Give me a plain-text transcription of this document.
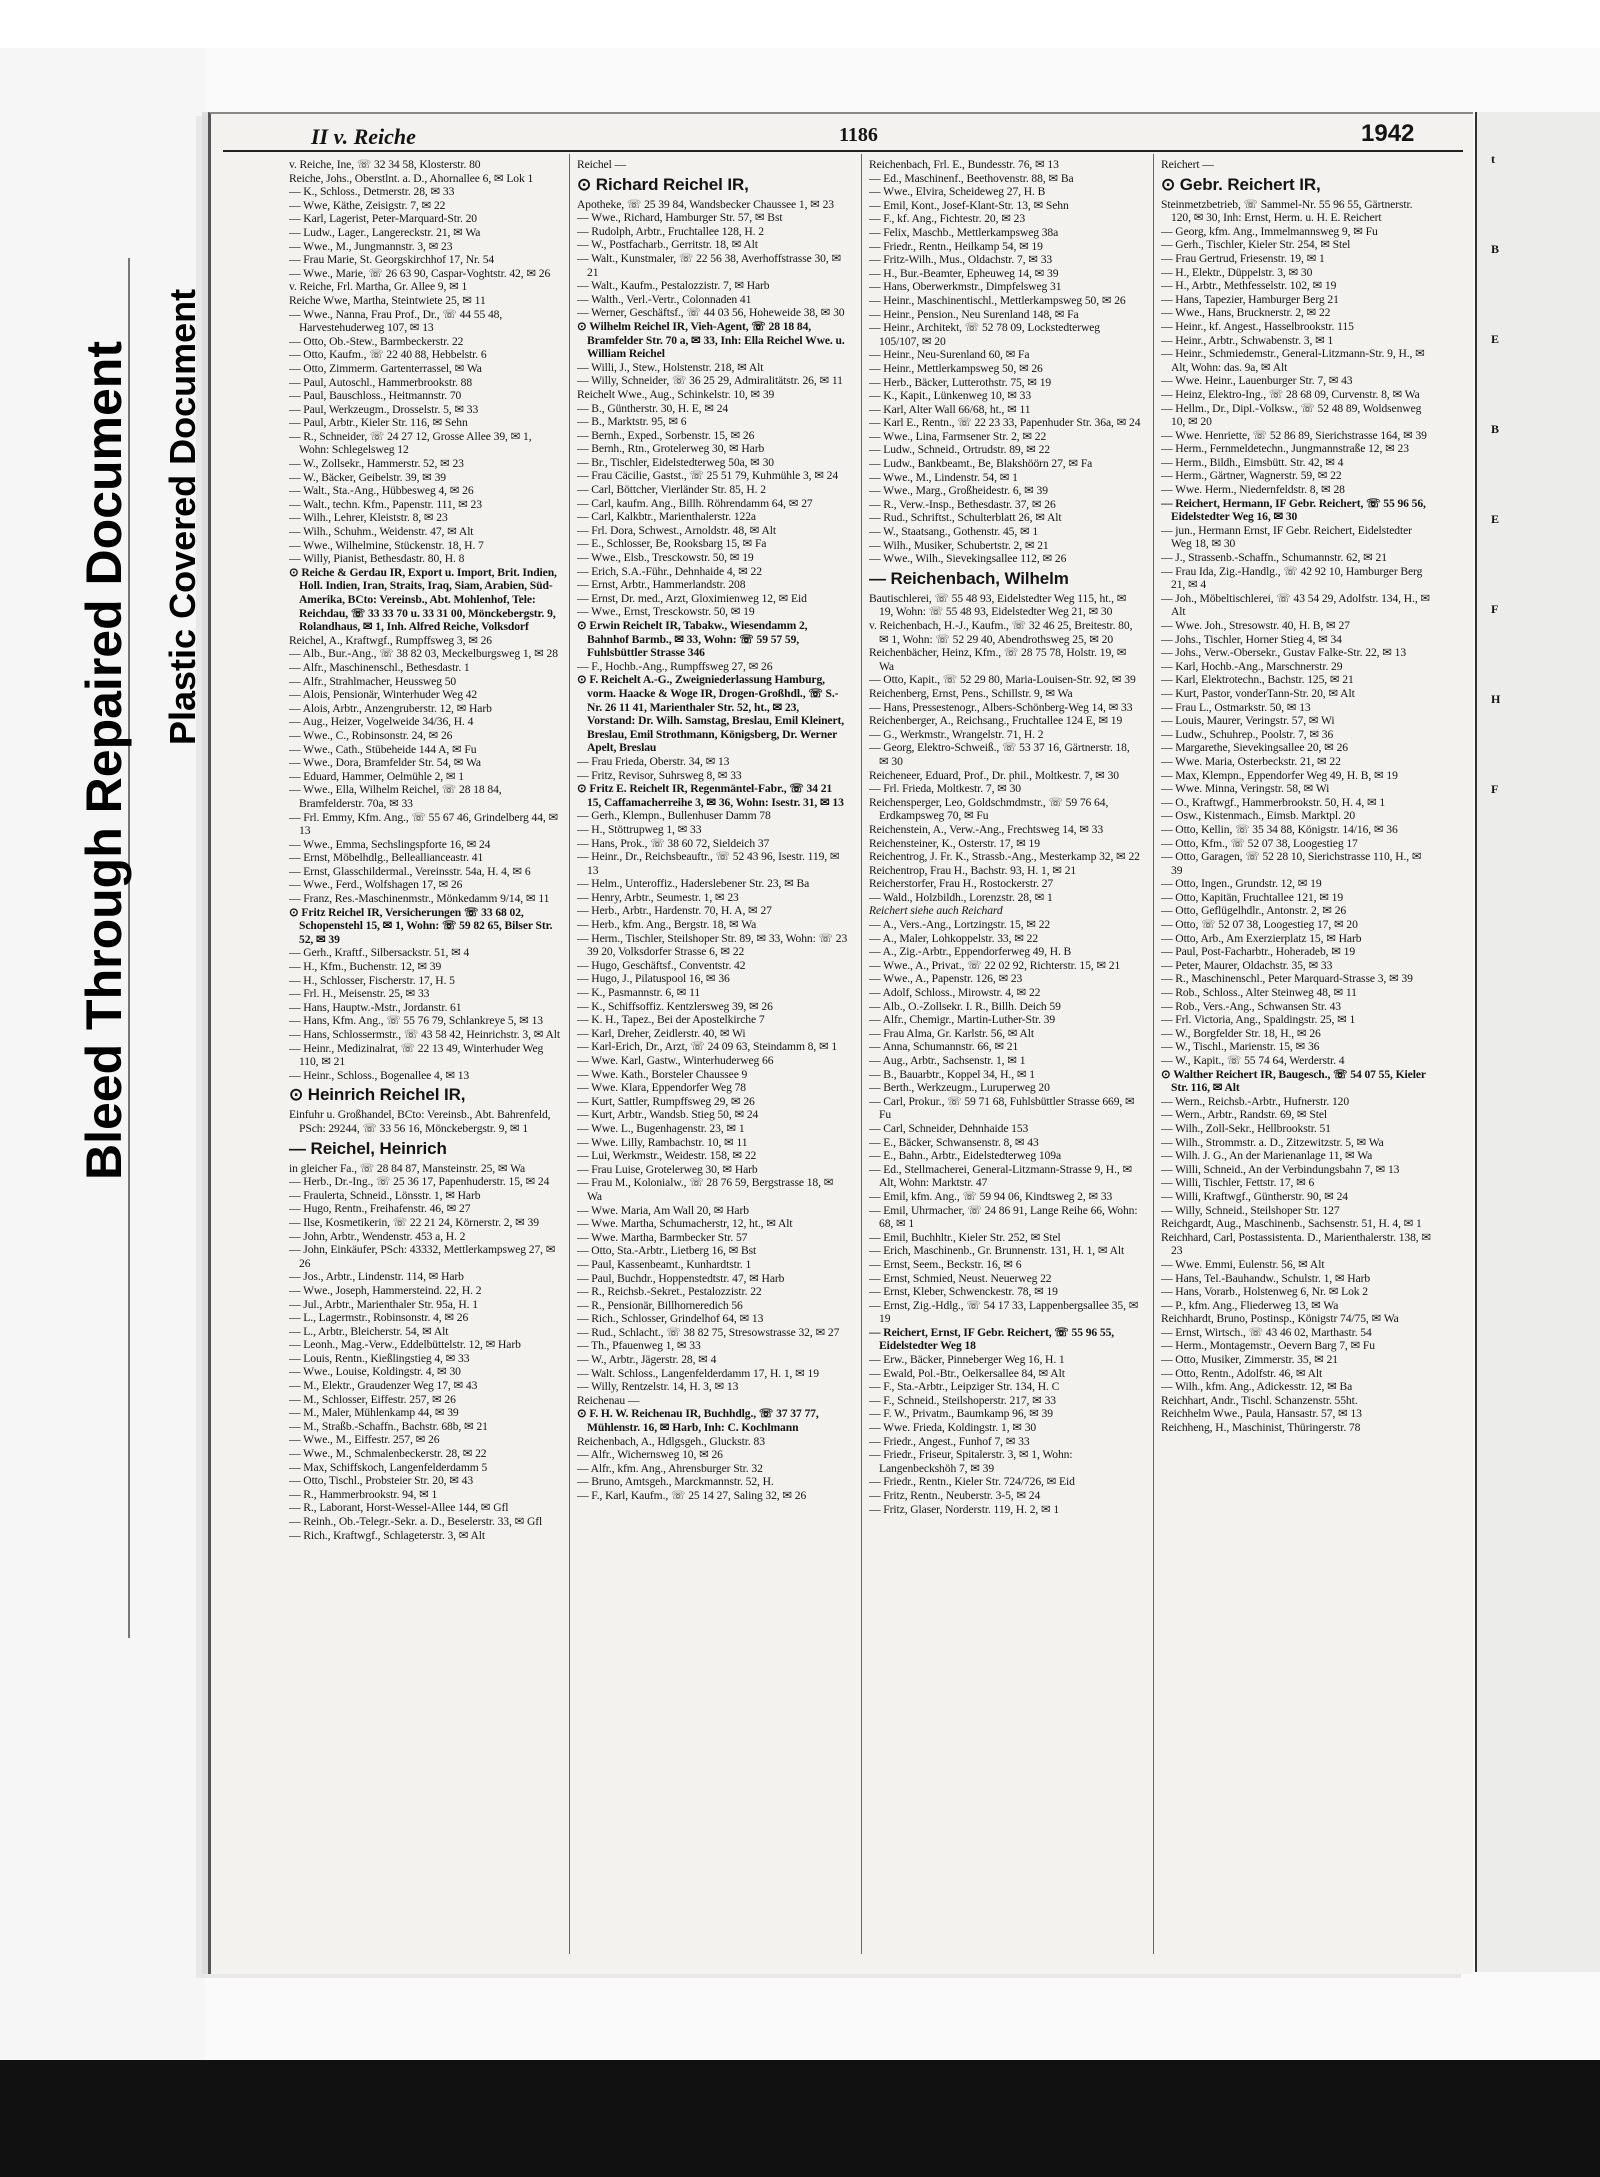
Bleed Through Repaired Document Plastic Covered Document
II v. Reiche	1186	1942
v. Reiche, Ine, ☏ 32 34 58, Klosterstr. 80
Reiche, Johs., Oberstlnt. a. D., Ahornallee 6, ✉ Lok 1
— K., Schloss., Detmerstr. 28, ✉ 33
— Wwe, Käthe, Zeisigstr. 7, ✉ 22
— Karl, Lagerist, Peter-Marquard-Str. 20
— Ludw., Lager., Langereckstr. 21, ✉ Wa
— Wwe., M., Jungmannstr. 3, ✉ 23
— Frau Marie, St. Georgskirchhof 17, Nr. 54
— Wwe., Marie, ☏ 26 63 90, Caspar-Voghtstr. 42, ✉ 26
v. Reiche, Frl. Martha, Gr. Allee 9, ✉ 1
Reiche Wwe, Martha, Steintwiete 25, ✉ 11
— Wwe., Nanna, Frau Prof., Dr., ☏ 44 55 48, Harvestehuderweg 107, ✉ 13
— Otto, Ob.-Stew., Barmbeckerstr. 22
— Otto, Kaufm., ☏ 22 40 88, Hebbelstr. 6
— Otto, Zimmerm. Gartenterrassel, ✉ Wa
— Paul, Autoschl., Hammerbrookstr. 88
— Paul, Bauschloss., Heitmannstr. 70
— Paul, Werkzeugm., Drosselstr. 5, ✉ 33
— Paul, Arbtr., Kieler Str. 116, ✉ Sehn
— R., Schneider, ☏ 24 27 12, Grosse Allee 39, ✉ 1, Wohn: Schlegelsweg 12
— W., Zollsekr., Hammerstr. 52, ✉ 23
— W., Bäcker, Geibelstr. 39, ✉ 39
— Walt., Sta.-Ang., Hübbesweg 4, ✉ 26
— Walt., techn. Kfm., Papenstr. 111, ✉ 23
— Wilh., Lehrer, Kleiststr. 8, ✉ 23
— Wilh., Schuhm., Weidenstr. 47, ✉ Alt
— Wwe., Wilhelmine, Stückenstr. 18, H. 7
— Willy, Pianist, Bethesdastr. 80, H. 8
⊙ Reiche & Gerdau IR, Export u. Import, Brit. Indien, Holl. Indien, Iran, Straits, Iraq, Siam, Arabien, Süd-Amerika, BCto: Vereinsb., Abt. Mohlenhof, Tele: Reichdau, ☏ 33 33 70 u. 33 31 00, Mönckebergstr. 9, Rolandhaus, ✉ 1, Inh. Alfred Reiche, Volksdorf
Reichel, A., Kraftwgf., Rumpffsweg 3, ✉ 26
— Alb., Bur.-Ang., ☏ 38 82 03, Meckelburgsweg 1, ✉ 28
— Alfr., Maschinenschl., Bethesdastr. 1
— Alfr., Strahlmacher, Heussweg 50
— Alois, Pensionär, Winterhuder Weg 42
— Alois, Arbtr., Anzengruberstr. 12, ✉ Harb
— Aug., Heizer, Vogelweide 34/36, H. 4
— Wwe., C., Robinsonstr. 24, ✉ 26
— Wwe., Cath., Stübeheide 144 A, ✉ Fu
— Wwe., Dora, Bramfelder Str. 54, ✉ Wa
— Eduard, Hammer, Oelmühle 2, ✉ 1
— Wwe., Ella, Wilhelm Reichel, ☏ 28 18 84, Bramfelderstr. 70a, ✉ 33
— Frl. Emmy, Kfm. Ang., ☏ 55 67 46, Grindelberg 44, ✉ 13
— Wwe., Emma, Sechslingspforte 16, ✉ 24
— Ernst, Möbelhdlg., Belleallianceastr. 41
— Ernst, Glasschildermal., Vereinsstr. 54a, H. 4, ✉ 6
— Wwe., Ferd., Wolfshagen 17, ✉ 26
— Franz, Res.-Maschinenmstr., Mönkedamm 9/14, ✉ 11
⊙ Fritz Reichel IR, Versicherungen ☏ 33 68 02, Schopenstehl 15, ✉ 1, Wohn: ☏ 59 82 65, Bilser Str. 52, ✉ 39
— Gerh., Kraftf., Silbersackstr. 51, ✉ 4
— H., Kfm., Buchenstr. 12, ✉ 39
— H., Schlosser, Fischerstr. 17, H. 5
— Frl. H., Meisenstr. 25, ✉ 33
— Hans, Hauptw.-Mstr., Jordanstr. 61
— Hans, Kfm. Ang., ☏ 55 76 79, Schlankreye 5, ✉ 13
— Hans, Schlossermstr., ☏ 43 58 42, Heinrichstr. 3, ✉ Alt
— Heinr., Medizinalrat, ☏ 22 13 49, Winterhuder Weg 110, ✉ 21
— Heinr., Schloss., Bogenallee 4, ✉ 13
⊙ Heinrich Reichel IR,
Einfuhr u. Großhandel, BCto: Vereinsb., Abt. Bahrenfeld, PSch: 29244, ☏ 33 56 16, Mönckebergstr. 9, ✉ 1
— Reichel, Heinrich
in gleicher Fa., ☏ 28 84 87, Mansteinstr. 25, ✉ Wa
— Herb., Dr.-Ing., ☏ 25 36 17, Papenhuderstr. 15, ✉ 24
— Fraulerta, Schneid., Lönsstr. 1, ✉ Harb
— Hugo, Rentn., Freihafenstr. 46, ✉ 27
— Ilse, Kosmetikerin, ☏ 22 21 24, Körnerstr. 2, ✉ 39
— John, Arbtr., Wendenstr. 453 a, H. 2
— John, Einkäufer, PSch: 43332, Mettlerkampsweg 27, ✉ 26
— Jos., Arbtr., Lindenstr. 114, ✉ Harb
— Wwe., Joseph, Hammersteind. 22, H. 2
— Jul., Arbtr., Marienthaler Str. 95a, H. 1
— L., Lagermstr., Robinsonstr. 4, ✉ 26
— L., Arbtr., Bleicherstr. 54, ✉ Alt
— Leonh., Mag.-Verw., Eddelbüttelstr. 12, ✉ Harb
— Louis, Rentn., Kießlingstieg 4, ✉ 33
— Wwe., Louise, Koldingstr. 4, ✉ 30
— M., Elektr., Graudenzer Weg 17, ✉ 43
— M., Schlosser, Eiffestr. 257, ✉ 26
— M., Maler, Mühlenkamp 44, ✉ 39
— M., Straßb.-Schaffn., Bachstr. 68b, ✉ 21
— Wwe., M., Eiffestr. 257, ✉ 26
— Wwe., M., Schmalenbeckerstr. 28, ✉ 22
— Max, Schiffskoch, Langenfelderdamm 5
— Otto, Tischl., Probsteier Str. 20, ✉ 43
— R., Hammerbrookstr. 94, ✉ 1
— R., Laborant, Horst-Wessel-Allee 144, ✉ Gfl
— Reinh., Ob.-Telegr.-Sekr. a. D., Beselerstr. 33, ✉ Gfl
— Rich., Kraftwgf., Schlageterstr. 3, ✉ Alt
Reichel —
⊙ Richard Reichel IR,
Apotheke, ☏ 25 39 84, Wandsbecker Chaussee 1, ✉ 23
— Wwe., Richard, Hamburger Str. 57, ✉ Bst
— Rudolph, Arbtr., Fruchtallee 128, H. 2
— W., Postfacharb., Gerritstr. 18, ✉ Alt
— Walt., Kunstmaler, ☏ 22 56 38, Averhoffstrasse 30, ✉ 21
— Walt., Kaufm., Pestalozzistr. 7, ✉ Harb
— Walth., Verl.-Vertr., Colonnaden 41
— Werner, Geschäftsf., ☏ 44 03 56, Hoheweide 38, ✉ 30
⊙ Wilhelm Reichel IR, Vieh-Agent, ☏ 28 18 84, Bramfelder Str. 70 a, ✉ 33, Inh: Ella Reichel Wwe. u. William Reichel
— Willi, J., Stew., Holstenstr. 218, ✉ Alt
— Willy, Schneider, ☏ 36 25 29, Admiralitätstr. 26, ✉ 11
Reichelt Wwe., Aug., Schinkelstr. 10, ✉ 39
— B., Güntherstr. 30, H. E, ✉ 24
— B., Marktstr. 95, ✉ 6
— Bernh., Exped., Sorbenstr. 15, ✉ 26
— Bernh., Rtn., Grotelerweg 30, ✉ Harb
— Br., Tischler, Eidelstedterweg 50a, ✉ 30
— Frau Cäcilie, Gastst., ☏ 25 51 79, Kuhmühle 3, ✉ 24
— Carl, Böttcher, Vierländer Str. 85, H. 2
— Carl, kaufm. Ang., Billh. Röhrendamm 64, ✉ 27
— Carl, Kalkbtr., Marienthalerstr. 122a
— Frl. Dora, Schwest., Arnoldstr. 48, ✉ Alt
— E., Schlosser, Be, Rooksbarg 15, ✉ Fa
— Wwe., Elsb., Tresckowstr. 50, ✉ 19
— Erich, S.A.-Führ., Dehnhaide 4, ✉ 22
— Ernst, Arbtr., Hammerlandstr. 208
— Ernst, Dr. med., Arzt, Gloximienweg 12, ✉ Eid
— Wwe., Ernst, Tresckowstr. 50, ✉ 19
⊙ Erwin Reichelt IR, Tabakw., Wiesendamm 2, Bahnhof Barmb., ✉ 33, Wohn: ☏ 59 57 59, Fuhlsbüttler Strasse 346
— F., Hochb.-Ang., Rumpffsweg 27, ✉ 26
⊙ F. Reichelt A.-G., Zweigniederlassung Hamburg, vorm. Haacke & Woge IR, Drogen-Großhdl., ☏ S.-Nr. 26 11 41, Marienthaler Str. 52, ht., ✉ 23, Vorstand: Dr. Wilh. Samstag, Breslau, Emil Kleinert, Breslau, Emil Strothmann, Königsberg, Dr. Werner Apelt, Breslau
— Frau Frieda, Oberstr. 34, ✉ 13
— Fritz, Revisor, Suhrsweg 8, ✉ 33
⊙ Fritz E. Reichelt IR, Regenmäntel-Fabr., ☏ 34 21 15, Caffamacherreihe 3, ✉ 36, Wohn: Isestr. 31, ✉ 13
— Gerh., Klempn., Bullenhuser Damm 78
— H., Stöttrupweg 1, ✉ 33
— Hans, Prok., ☏ 38 60 72, Sieldeich 37
— Heinr., Dr., Reichsbeauftr., ☏ 52 43 96, Isestr. 119, ✉ 13
— Helm., Unteroffiz., Haderslebener Str. 23, ✉ Ba
— Henry, Arbtr., Seumestr. 1, ✉ 23
— Herb., Arbtr., Hardenstr. 70, H. A, ✉ 27
— Herb., kfm. Ang., Bergstr. 18, ✉ Wa
— Herm., Tischler, Steilshoper Str. 89, ✉ 33, Wohn: ☏ 23 39 20, Volksdorfer Strasse 6, ✉ 22
— Hugo, Geschäftsf., Conventstr. 42
— Hugo, J., Pilatuspool 16, ✉ 36
— K., Pasmannstr. 6, ✉ 11
— K., Schiffsoffiz. Kentzlersweg 39, ✉ 26
— K. H., Tapez., Bei der Apostelkirche 7
— Karl, Dreher, Zeidlerstr. 40, ✉ Wi
— Karl-Erich, Dr., Arzt, ☏ 24 09 63, Steindamm 8, ✉ 1
— Wwe. Karl, Gastw., Winterhuderweg 66
— Wwe. Kath., Borsteler Chaussee 9
— Wwe. Klara, Eppendorfer Weg 78
— Kurt, Sattler, Rumpffsweg 29, ✉ 26
— Kurt, Arbtr., Wandsb. Stieg 50, ✉ 24
— Wwe. L., Bugenhagenstr. 23, ✉ 1
— Wwe. Lilly, Rambachstr. 10, ✉ 11
— Lui, Werkmstr., Weidestr. 158, ✉ 22
— Frau Luise, Grotelerweg 30, ✉ Harb
— Frau M., Kolonialw., ☏ 28 76 59, Bergstrasse 18, ✉ Wa
— Wwe. Maria, Am Wall 20, ✉ Harb
— Wwe. Martha, Schumacherstr, 12, ht., ✉ Alt
— Wwe. Martha, Barmbecker Str. 57
— Otto, Sta.-Arbtr., Lietberg 16, ✉ Bst
— Paul, Kassenbeamt., Kunhardtstr. 1
— Paul, Buchdr., Hoppenstedtstr. 47, ✉ Harb
— R., Reichsb.-Sekret., Pestalozzistr. 22
— R., Pensionär, Billhorneredich 56
— Rich., Schlosser, Grindelhof 64, ✉ 13
— Rud., Schlacht., ☏ 38 82 75, Stresowstrasse 32, ✉ 27
— Th., Pfauenweg 1, ✉ 33
— W., Arbtr., Jägerstr. 28, ✉ 4
— Walt. Schloss., Langenfelderdamm 17, H. 1, ✉ 19
— Willy, Rentzelstr. 14, H. 3, ✉ 13
Reichenau —
⊙ F. H. W. Reichenau IR, Buchhdlg., ☏ 37 37 77, Mühlenstr. 16, ✉ Harb, Inh: C. Kochlmann
Reichenbach, A., Hdlgsgeh., Gluckstr. 83
— Alfr., Wichernsweg 10, ✉ 26
— Alfr., kfm. Ang., Ahrensburger Str. 32
— Bruno, Amtsgeh., Marckmannstr. 52, H.
— F., Karl, Kaufm., ☏ 25 14 27, Saling 32, ✉ 26
Reichenbach, Frl. E., Bundesstr. 76, ✉ 13
— Ed., Maschinenf., Beethovenstr. 88, ✉ Ba
— Wwe., Elvira, Scheideweg 27, H. B
— Emil, Kont., Josef-Klant-Str. 13, ✉ Sehn
— F., kf. Ang., Fichtestr. 20, ✉ 23
— Felix, Maschb., Mettlerkampsweg 38a
— Friedr., Rentn., Heilkamp 54, ✉ 19
— Fritz-Wilh., Mus., Oldachstr. 7, ✉ 33
— H., Bur.-Beamter, Epheuweg 14, ✉ 39
— Hans, Oberwerkmstr., Dimpfelsweg 31
— Heinr., Maschinentischl., Mettlerkampsweg 50, ✉ 26
— Heinr., Pension., Neu Surenland 148, ✉ Fa
— Heinr., Architekt, ☏ 52 78 09, Lockstedterweg 105/107, ✉ 20
— Heinr., Neu-Surenland 60, ✉ Fa
— Heinr., Mettlerkampsweg 50, ✉ 26
— Herb., Bäcker, Lutterothstr. 75, ✉ 19
— K., Kapit., Lünkenweg 10, ✉ 33
— Karl, Alter Wall 66/68, ht., ✉ 11
— Karl E., Rentn., ☏ 22 23 33, Papenhuder Str. 36a, ✉ 24
— Wwe., Lina, Farmsener Str. 2, ✉ 22
— Ludw., Schneid., Ortrudstr. 89, ✉ 22
— Ludw., Bankbeamt., Be, Blakshöörn 27, ✉ Fa
— Wwe., M., Lindenstr. 54, ✉ 1
— Wwe., Marg., Großheidestr. 6, ✉ 39
— R., Verw.-Insp., Bethesdastr. 37, ✉ 26
— Rud., Schriftst., Schulterblatt 26, ✉ Alt
— W., Staatsang., Gothenstr. 45, ✉ 1
— Wilh., Musiker, Schubertstr. 2, ✉ 21
— Wwe., Wilh., Sievekingsallee 112, ✉ 26
— Reichenbach, Wilhelm
Bautischlerei, ☏ 55 48 93, Eidelstedter Weg 115, ht., ✉ 19, Wohn: ☏ 55 48 93, Eidelstedter Weg 21, ✉ 30
v. Reichenbach, H.-J., Kaufm., ☏ 32 46 25, Breitestr. 80, ✉ 1, Wohn: ☏ 52 29 40, Abendrothsweg 25, ✉ 20
Reichenbächer, Heinz, Kfm., ☏ 28 75 78, Holstr. 19, ✉ Wa
— Otto, Kapit., ☏ 52 29 80, Maria-Louisen-Str. 92, ✉ 39
Reichenberg, Ernst, Pens., Schillstr. 9, ✉ Wa
— Hans, Pressestenogr., Albers-Schönberg-Weg 14, ✉ 33
Reichenberger, A., Reichsang., Fruchtallee 124 E, ✉ 19
— G., Werkmstr., Wrangelstr. 71, H. 2
— Georg, Elektro-Schweiß., ☏ 53 37 16, Gärtnerstr. 18, ✉ 30
Reicheneer, Eduard, Prof., Dr. phil., Moltkestr. 7, ✉ 30
— Frl. Frieda, Moltkestr. 7, ✉ 30
Reichensperger, Leo, Goldschmdmstr., ☏ 59 76 64, Erdkampsweg 70, ✉ Fu
Reichenstein, A., Verw.-Ang., Frechtsweg 14, ✉ 33
Reichensteiner, K., Osterstr. 17, ✉ 19
Reichentrog, J. Fr. K., Strassb.-Ang., Mesterkamp 32, ✉ 22
Reichentrop, Frau H., Bachstr. 93, H. 1, ✉ 21
Reicherstorfer, Frau H., Rostockerstr. 27
— Wald., Holzbildh., Lorenzstr. 28, ✉ 1
Reichert siehe auch Reichard
— A., Vers.-Ang., Lortzingstr. 15, ✉ 22
— A., Maler, Lohkoppelstr. 33, ✉ 22
— A., Zig.-Arbtr., Eppendorferweg 49, H. B
— Wwe., A., Privat., ☏ 22 02 92, Richterstr. 15, ✉ 21
— Wwe., A., Papenstr. 126, ✉ 23
— Adolf, Schloss., Mirowstr. 4, ✉ 22
— Alb., O.-Zollsekr. I. R., Billh. Deich 59
— Alfr., Chemigr., Martin-Luther-Str. 39
— Frau Alma, Gr. Karlstr. 56, ✉ Alt
— Anna, Schumannstr. 66, ✉ 21
— Aug., Arbtr., Sachsenstr. 1, ✉ 1
— B., Bauarbtr., Koppel 34, H., ✉ 1
— Berth., Werkzeugm., Luruperweg 20
— Carl, Prokur., ☏ 59 71 68, Fuhlsbüttler Strasse 669, ✉ Fu
— Carl, Schneider, Dehnhaide 153
— E., Bäcker, Schwansenstr. 8, ✉ 43
— E., Bahn., Arbtr., Eidelstedterweg 109a
— Ed., Stellmacherei, General-Litzmann-Strasse 9, H., ✉ Alt, Wohn: Marktstr. 47
— Emil, kfm. Ang., ☏ 59 94 06, Kindtsweg 2, ✉ 33
— Emil, Uhrmacher, ☏ 24 86 91, Lange Reihe 66, Wohn: 68, ✉ 1
— Emil, Buchhltr., Kieler Str. 252, ✉ Stel
— Erich, Maschinenb., Gr. Brunnenstr. 131, H. 1, ✉ Alt
— Ernst, Seem., Beckstr. 16, ✉ 6
— Ernst, Schmied, Neust. Neuerweg 22
— Ernst, Kleber, Schwenckestr. 78, ✉ 19
— Ernst, Zig.-Hdlg., ☏ 54 17 33, Lappenbergsallee 35, ✉ 19
— Reichert, Ernst, IF Gebr. Reichert, ☏ 55 96 55, Eidelstedter Weg 18
— Erw., Bäcker, Pinneberger Weg 16, H. 1
— Ewald, Pol.-Btr., Oelkersallee 84, ✉ Alt
— F., Sta.-Arbtr., Leipziger Str. 134, H. C
— F., Schneid., Steilshoperstr. 217, ✉ 33
— F. W., Privatm., Baumkamp 96, ✉ 39
— Wwe. Frieda, Koldingstr. 1, ✉ 30
— Friedr., Angest., Funhof 7, ✉ 33
— Friedr., Friseur, Spitalerstr. 3, ✉ 1, Wohn: Langenbeckshöh 7, ✉ 39
— Friedr., Rentn., Kieler Str. 724/726, ✉ Eid
— Fritz, Rentn., Neuberstr. 3-5, ✉ 24
— Fritz, Glaser, Norderstr. 119, H. 2, ✉ 1
Reichert —
⊙ Gebr. Reichert IR,
Steinmetzbetrieb, ☏ Sammel-Nr. 55 96 55, Gärtnerstr. 120, ✉ 30, Inh: Ernst, Herm. u. H. E. Reichert
— Georg, kfm. Ang., Immelmannsweg 9, ✉ Fu
— Gerh., Tischler, Kieler Str. 254, ✉ Stel
— Frau Gertrud, Friesenstr. 19, ✉ 1
— H., Elektr., Düppelstr. 3, ✉ 30
— H., Arbtr., Methfesselstr. 102, ✉ 19
— Hans, Tapezier, Hamburger Berg 21
— Wwe., Hans, Brucknerstr. 2, ✉ 22
— Heinr., kf. Angest., Hasselbrookstr. 115
— Heinr., Arbtr., Schwabenstr. 3, ✉ 1
— Heinr., Schmiedemstr., General-Litzmann-Str. 9, H., ✉ Alt, Wohn: das. 9a, ✉ Alt
— Wwe. Heinr., Lauenburger Str. 7, ✉ 43
— Heinz, Elektro-Ing., ☏ 28 68 09, Curvenstr. 8, ✉ Wa
— Hellm., Dr., Dipl.-Volksw., ☏ 52 48 89, Woldsenweg 10, ✉ 20
— Wwe. Henriette, ☏ 52 86 89, Sierichstrasse 164, ✉ 39
— Herm., Fernmeldetechn., Jungmannstraße 12, ✉ 23
— Herm., Bildh., Eimsbütt. Str. 42, ✉ 4
— Herm., Gärtner, Wagnerstr. 59, ✉ 22
— Wwe. Herm., Niedernfeldstr. 8, ✉ 28
— Reichert, Hermann, IF Gebr. Reichert, ☏ 55 96 56, Eidelstedter Weg 16, ✉ 30
— jun., Hermann Ernst, IF Gebr. Reichert, Eidelstedter Weg 18, ✉ 30
— J., Strassenb.-Schaffn., Schumannstr. 62, ✉ 21
— Frau Ida, Zig.-Handlg., ☏ 42 92 10, Hamburger Berg 21, ✉ 4
— Joh., Möbeltischlerei, ☏ 43 54 29, Adolfstr. 134, H., ✉ Alt
— Wwe. Joh., Stresowstr. 40, H. B, ✉ 27
— Johs., Tischler, Horner Stieg 4, ✉ 34
— Johs., Verw.-Obersekr., Gustav Falke-Str. 22, ✉ 13
— Karl, Hochb.-Ang., Marschnerstr. 29
— Karl, Elektrotechn., Bachstr. 125, ✉ 21
— Kurt, Pastor, vonderTann-Str. 20, ✉ Alt
— Frau L., Ostmarkstr. 50, ✉ 13
— Louis, Maurer, Veringstr. 57, ✉ Wi
— Ludw., Schuhrep., Poolstr. 7, ✉ 36
— Margarethe, Sievekingsallee 20, ✉ 26
— Wwe. Maria, Osterbeckstr. 21, ✉ 22
— Max, Klempn., Eppendorfer Weg 49, H. B, ✉ 19
— Wwe. Minna, Veringstr. 58, ✉ Wi
— O., Kraftwgf., Hammerbrookstr. 50, H. 4, ✉ 1
— Osw., Kistenmach., Eimsb. Marktpl. 20
— Otto, Kellin, ☏ 35 34 88, Königstr. 14/16, ✉ 36
— Otto, Kfm., ☏ 52 07 38, Loogestieg 17
— Otto, Garagen, ☏ 52 28 10, Sierichstrasse 110, H., ✉ 39
— Otto, Ingen., Grundstr. 12, ✉ 19
— Otto, Kapitän, Fruchtallee 121, ✉ 19
— Otto, Geflügelhdlr., Antonstr. 2, ✉ 26
— Otto, ☏ 52 07 38, Loogestieg 17, ✉ 20
— Otto, Arb., Am Exerzierplatz 15, ✉ Harb
— Paul, Post-Facharbtr., Hoheradeb, ✉ 19
— Peter, Maurer, Oldachstr. 35, ✉ 33
— R., Maschinenschl., Peter Marquard-Strasse 3, ✉ 39
— Rob., Schloss., Alter Steinweg 48, ✉ 11
— Rob., Vers.-Ang., Schwansen Str. 43
— Frl. Victoria, Ang., Spaldingstr. 25, ✉ 1
— W., Borgfelder Str. 18, H., ✉ 26
— W., Tischl., Marienstr. 15, ✉ 36
— W., Kapit., ☏ 55 74 64, Werderstr. 4
⊙ Walther Reichert IR, Baugesch., ☏ 54 07 55, Kieler Str. 116, ✉ Alt
— Wern., Reichsb.-Arbtr., Hufnerstr. 120
— Wern., Arbtr., Randstr. 69, ✉ Stel
— Wilh., Zoll-Sekr., Hellbrookstr. 51
— Wilh., Strommstr. a. D., Zitzewitzstr. 5, ✉ Wa
— Wilh. J. G., An der Marienanlage 11, ✉ Wa
— Willi, Schneid., An der Verbindungsbahn 7, ✉ 13
— Willi, Tischler, Fettstr. 17, ✉ 6
— Willi, Kraftwgf., Güntherstr. 90, ✉ 24
— Willy, Schneid., Steilshoper Str. 127
Reichgardt, Aug., Maschinenb., Sachsenstr. 51, H. 4, ✉ 1
Reichhard, Carl, Postassistenta. D., Marienthalerstr. 138, ✉ 23
— Wwe. Emmi, Eulenstr. 56, ✉ Alt
— Hans, Tel.-Bauhandw., Schulstr. 1, ✉ Harb
— Hans, Vorarb., Holstenweg 6, Nr. ✉ Lok 2
— P., kfm. Ang., Fliederweg 13, ✉ Wa
Reichhardt, Bruno, Postinsp., Königstr 74/75, ✉ Wa
— Ernst, Wirtsch., ☏ 43 46 02, Marthastr. 54
— Herm., Montagemstr., Oevern Barg 7, ✉ Fu
— Otto, Musiker, Zimmerstr. 35, ✉ 21
— Otto, Rentn., Adolfstr. 46, ✉ Alt
— Wilh., kfm. Ang., Adickesstr. 12, ✉ Ba
Reichhart, Andr., Tischl. Schanzenstr. 55ht.
Reichhelm Wwe., Paula, Hansastr. 57, ✉ 13
Reichheng, H., Maschinist, Thüringerstr. 78
t
B
E
B
E
F
H
F
